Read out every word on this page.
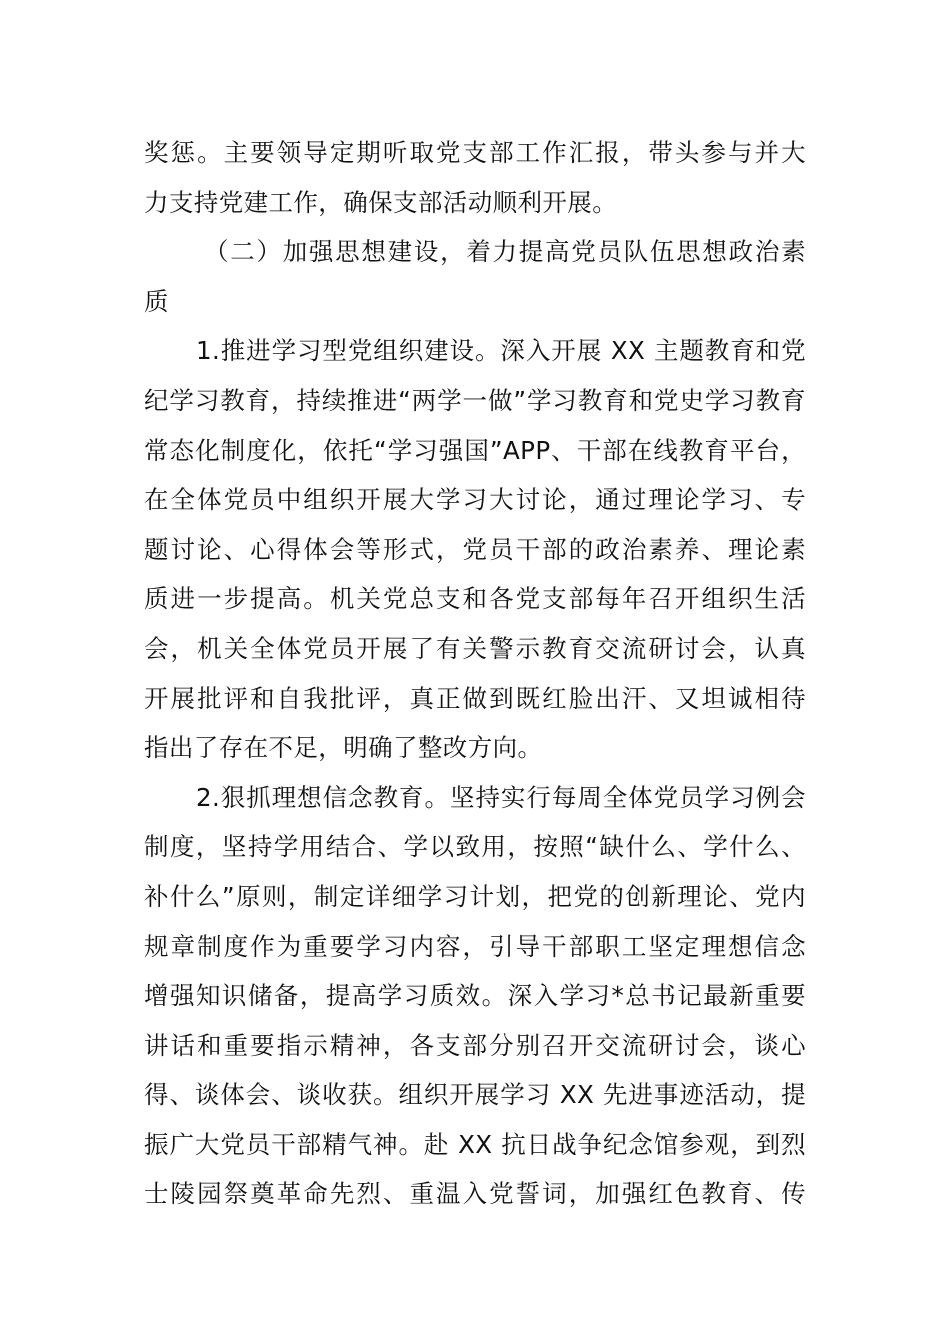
奖惩。主要领导定期听取党支部工作汇报，带头参与并大
力支持党建工作，确保支部活动顺利开展。
（二）加强思想建设，着力提高党员队伍思想政治素
质
1.推进学习型党组织建设。深入开展 XX 主题教育和党
纪学习教育，持续推进“两学一做”学习教育和党史学习教育
常态化制度化，依托“学习强国”APP、干部在线教育平台，
在全体党员中组织开展大学习大讨论，通过理论学习、专
题讨论、心得体会等形式，党员干部的政治素养、理论素
质进一步提高。机关党总支和各党支部每年召开组织生活
会，机关全体党员开展了有关警示教育交流研讨会，认真
开展批评和自我批评，真正做到既红脸出汗、又坦诚相待
指出了存在不足，明确了整改方向。
2.狠抓理想信念教育。坚持实行每周全体党员学习例会
制度，坚持学用结合、学以致用，按照“缺什么、学什么、
补什么”原则，制定详细学习计划，把党的创新理论、党内
规章制度作为重要学习内容，引导干部职工坚定理想信念
增强知识储备，提高学习质效。深入学习*总书记最新重要
讲话和重要指示精神，各支部分别召开交流研讨会，谈心
得、谈体会、谈收获。组织开展学习 XX 先进事迹活动，提
振广大党员干部精气神。赴 XX 抗日战争纪念馆参观，到烈
士陵园祭奠革命先烈、重温入党誓词，加强红色教育、传
